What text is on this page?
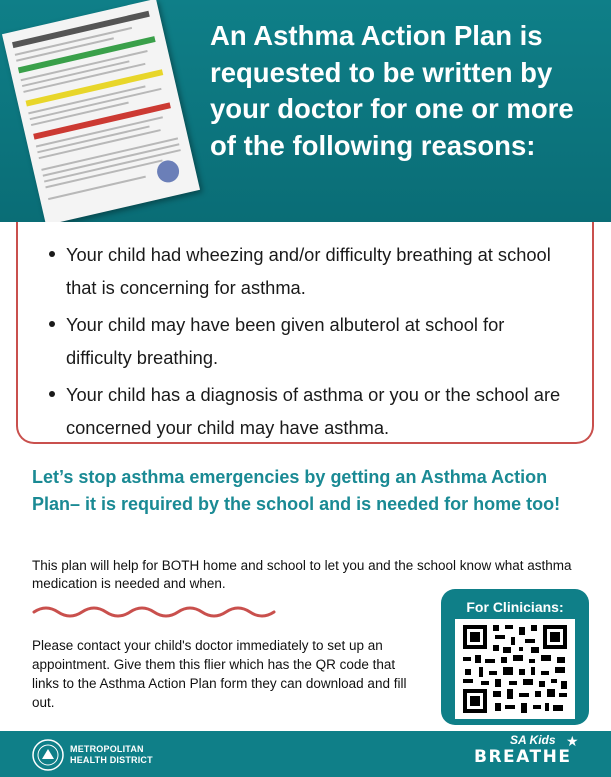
An Asthma Action Plan is requested to be written by your doctor for one or more of the following reasons:
Your child had wheezing and/or difficulty breathing at school that is concerning for asthma.
Your child may have been given albuterol at school for difficulty breathing.
Your child has a diagnosis of asthma or you or the school are concerned your child may have asthma.

Let’s stop asthma emergencies by getting an Asthma Action Plan– it is required by the school and is needed for home too!

This plan will help for BOTH home and school to let you and the school know what asthma medication is needed and when.

Please contact your child's doctor immediately to set up an appointment. Give them this flier which has the QR code that links to the Asthma Action Plan form they can download and fill out.

For Clinicians:
METROPOLITAN
HEALTH DISTRICT
SA Kids ★
BREATHE
